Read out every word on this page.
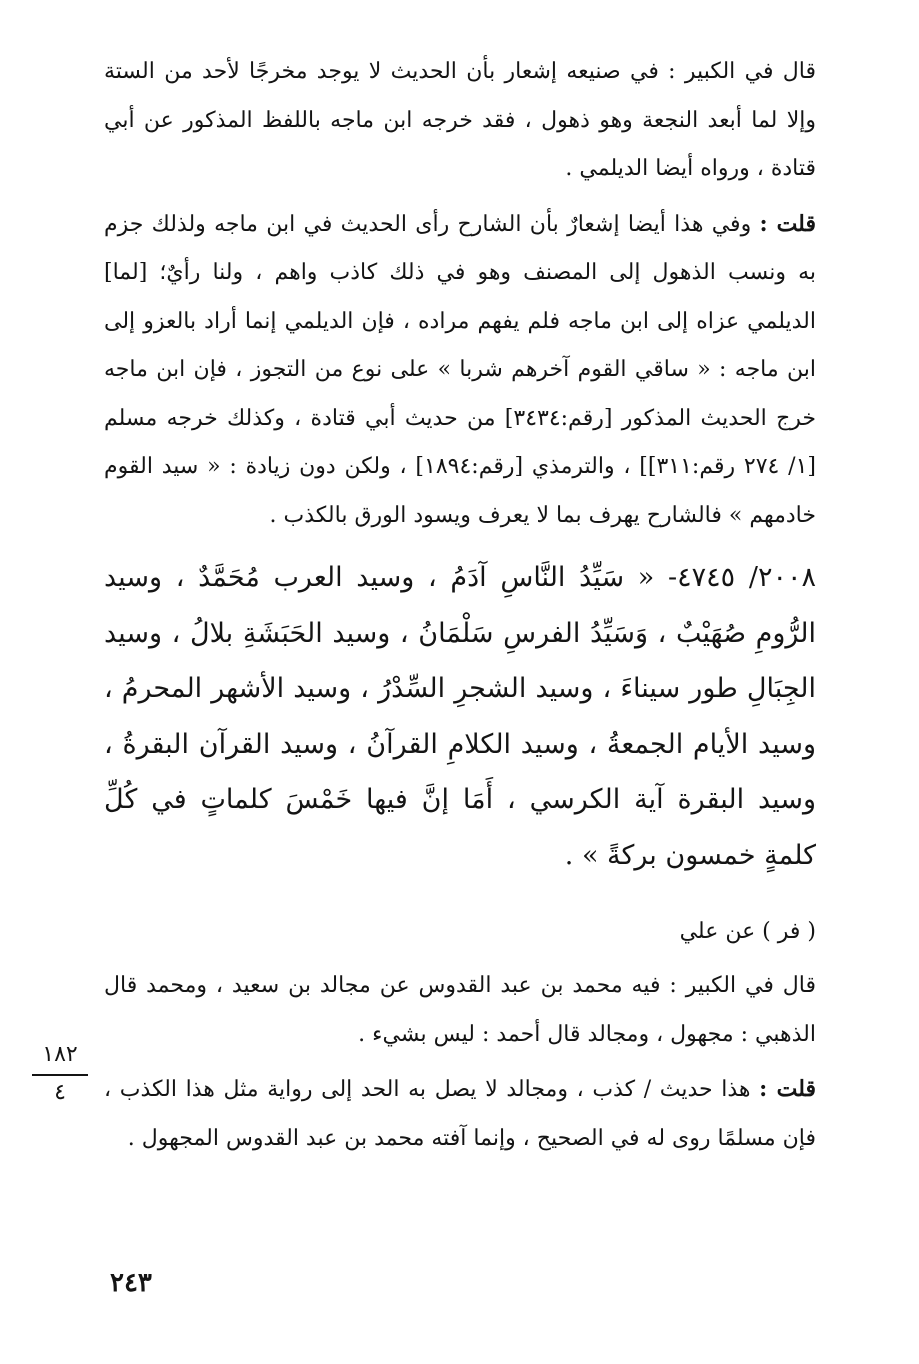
قال في الكبير : في صنيعه إشعار بأن الحديث لا يوجد مخرجًا لأحد من الستة وإلا لما أبعد النجعة وهو ذهول ، فقد خرجه ابن ماجه باللفظ المذكور عن أبي قتادة ، ورواه أيضا الديلمي .

قلت : وفي هذا أيضا إشعارٌ بأن الشارح رأى الحديث في ابن ماجه ولذلك جزم به ونسب الذهول إلى المصنف وهو في ذلك كاذب واهم ، ولنا رأيٌ؛ [لما] الديلمي عزاه إلى ابن ماجه فلم يفهم مراده ، فإن الديلمي إنما أراد بالعزو إلى ابن ماجه : « ساقي القوم آخرهم شربا » على نوع من التجوز ، فإن ابن ماجه خرج الحديث المذكور [رقم:٣٤٣٤] من حديث أبي قتادة ، وكذلك خرجه مسلم [١/ ٢٧٤ رقم:٣١١]] ، والترمذي [رقم:١٨٩٤] ، ولكن دون زيادة : « سيد القوم خادمهم » فالشارح يهرف بما لا يعرف ويسود الورق بالكذب .

٢٠٠٨/ ٤٧٤٥- « سَيِّدُ النَّاسِ آدَمُ ، وسيد العرب مُحَمَّدٌ ، وسيد الرُّومِ صُهَيْبٌ ، وَسَيِّدُ الفرسِ سَلْمَانُ ، وسيد الحَبَشَةِ بلالُ ، وسيد الجِبَالِ طور سيناءَ ، وسيد الشجرِ السِّدْرُ ، وسيد الأشهر المحرمُ ، وسيد الأيام الجمعةُ ، وسيد الكلامِ القرآنُ ، وسيد القرآن البقرةُ ، وسيد البقرة آية الكرسي ، أَمَا إنَّ فيها خَمْسَ كلماتٍ في كُلِّ كلمةٍ خمسون بركةً » .

( فر ) عن علي

قال في الكبير : فيه محمد بن عبد القدوس عن مجالد بن سعيد ، ومحمد قال الذهبي : مجهول ، ومجالد قال أحمد : ليس بشيء .

قلت : هذا حديث / كذب ، ومجالد لا يصل به الحد إلى رواية مثل هذا الكذب ، فإن مسلمًا روى له في الصحيح ، وإنما آفته محمد بن عبد القدوس المجهول .

١٨٢
٤
٢٤٣
